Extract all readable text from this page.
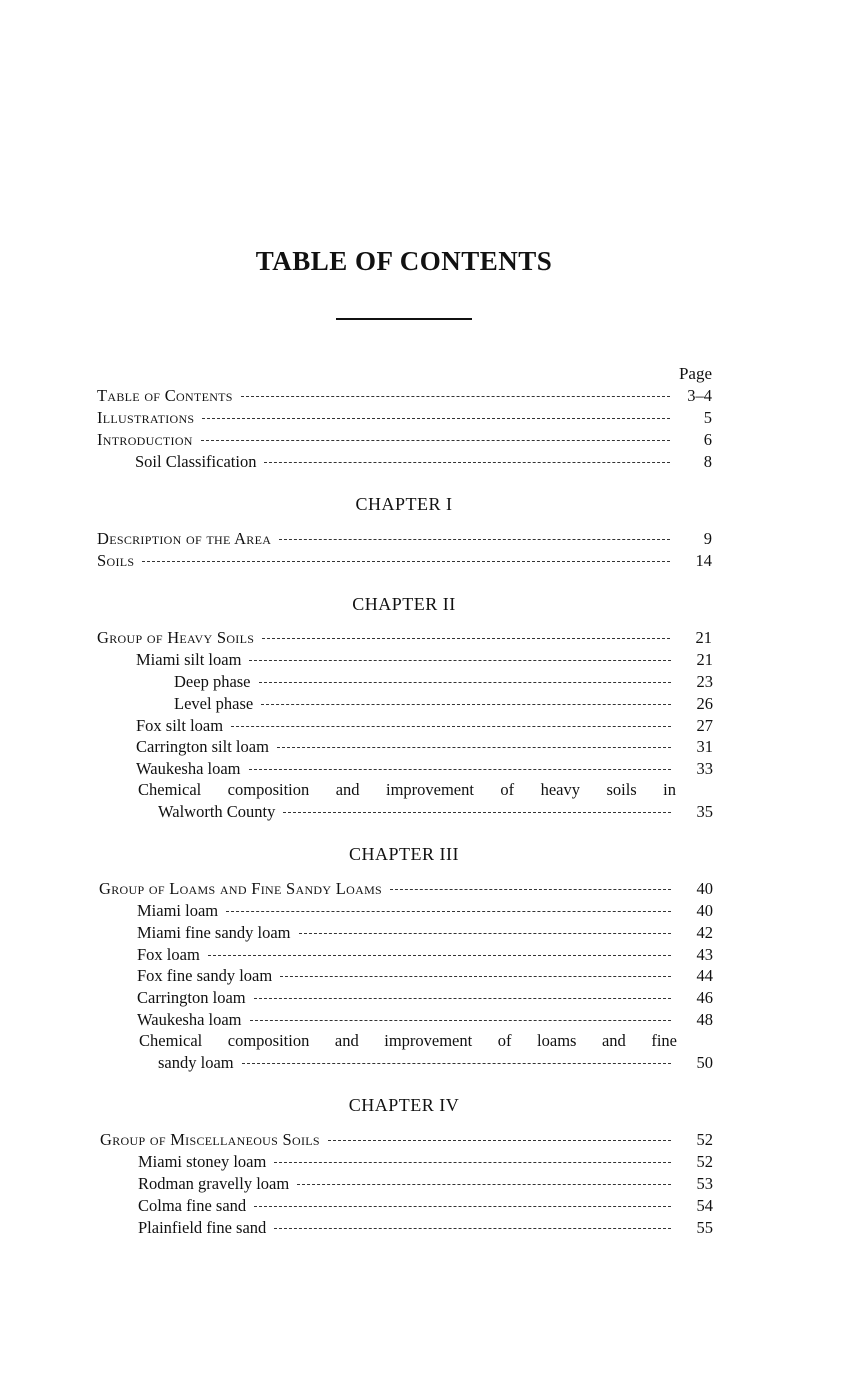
TABLE OF CONTENTS
Page
Table of Contents	3–4
Illustrations	5
Introduction	6
Soil Classification	8
CHAPTER I
Description of the Area	9
Soils	14
CHAPTER II
Group of Heavy Soils	21
Miami silt loam	21
Deep phase	23
Level phase	26
Fox silt loam	27
Carrington silt loam	31
Waukesha loam	33
Chemical composition and improvement of heavy soils in
Walworth County	35
CHAPTER III
Group of Loams and Fine Sandy Loams	40
Miami loam	40
Miami fine sandy loam	42
Fox loam	43
Fox fine sandy loam	44
Carrington loam	46
Waukesha loam	48
Chemical composition and improvement of loams and fine
sandy loam	50
CHAPTER IV
Group of Miscellaneous Soils	52
Miami stoney loam	52
Rodman gravelly loam	53
Colma fine sand	54
Plainfield fine sand	55
